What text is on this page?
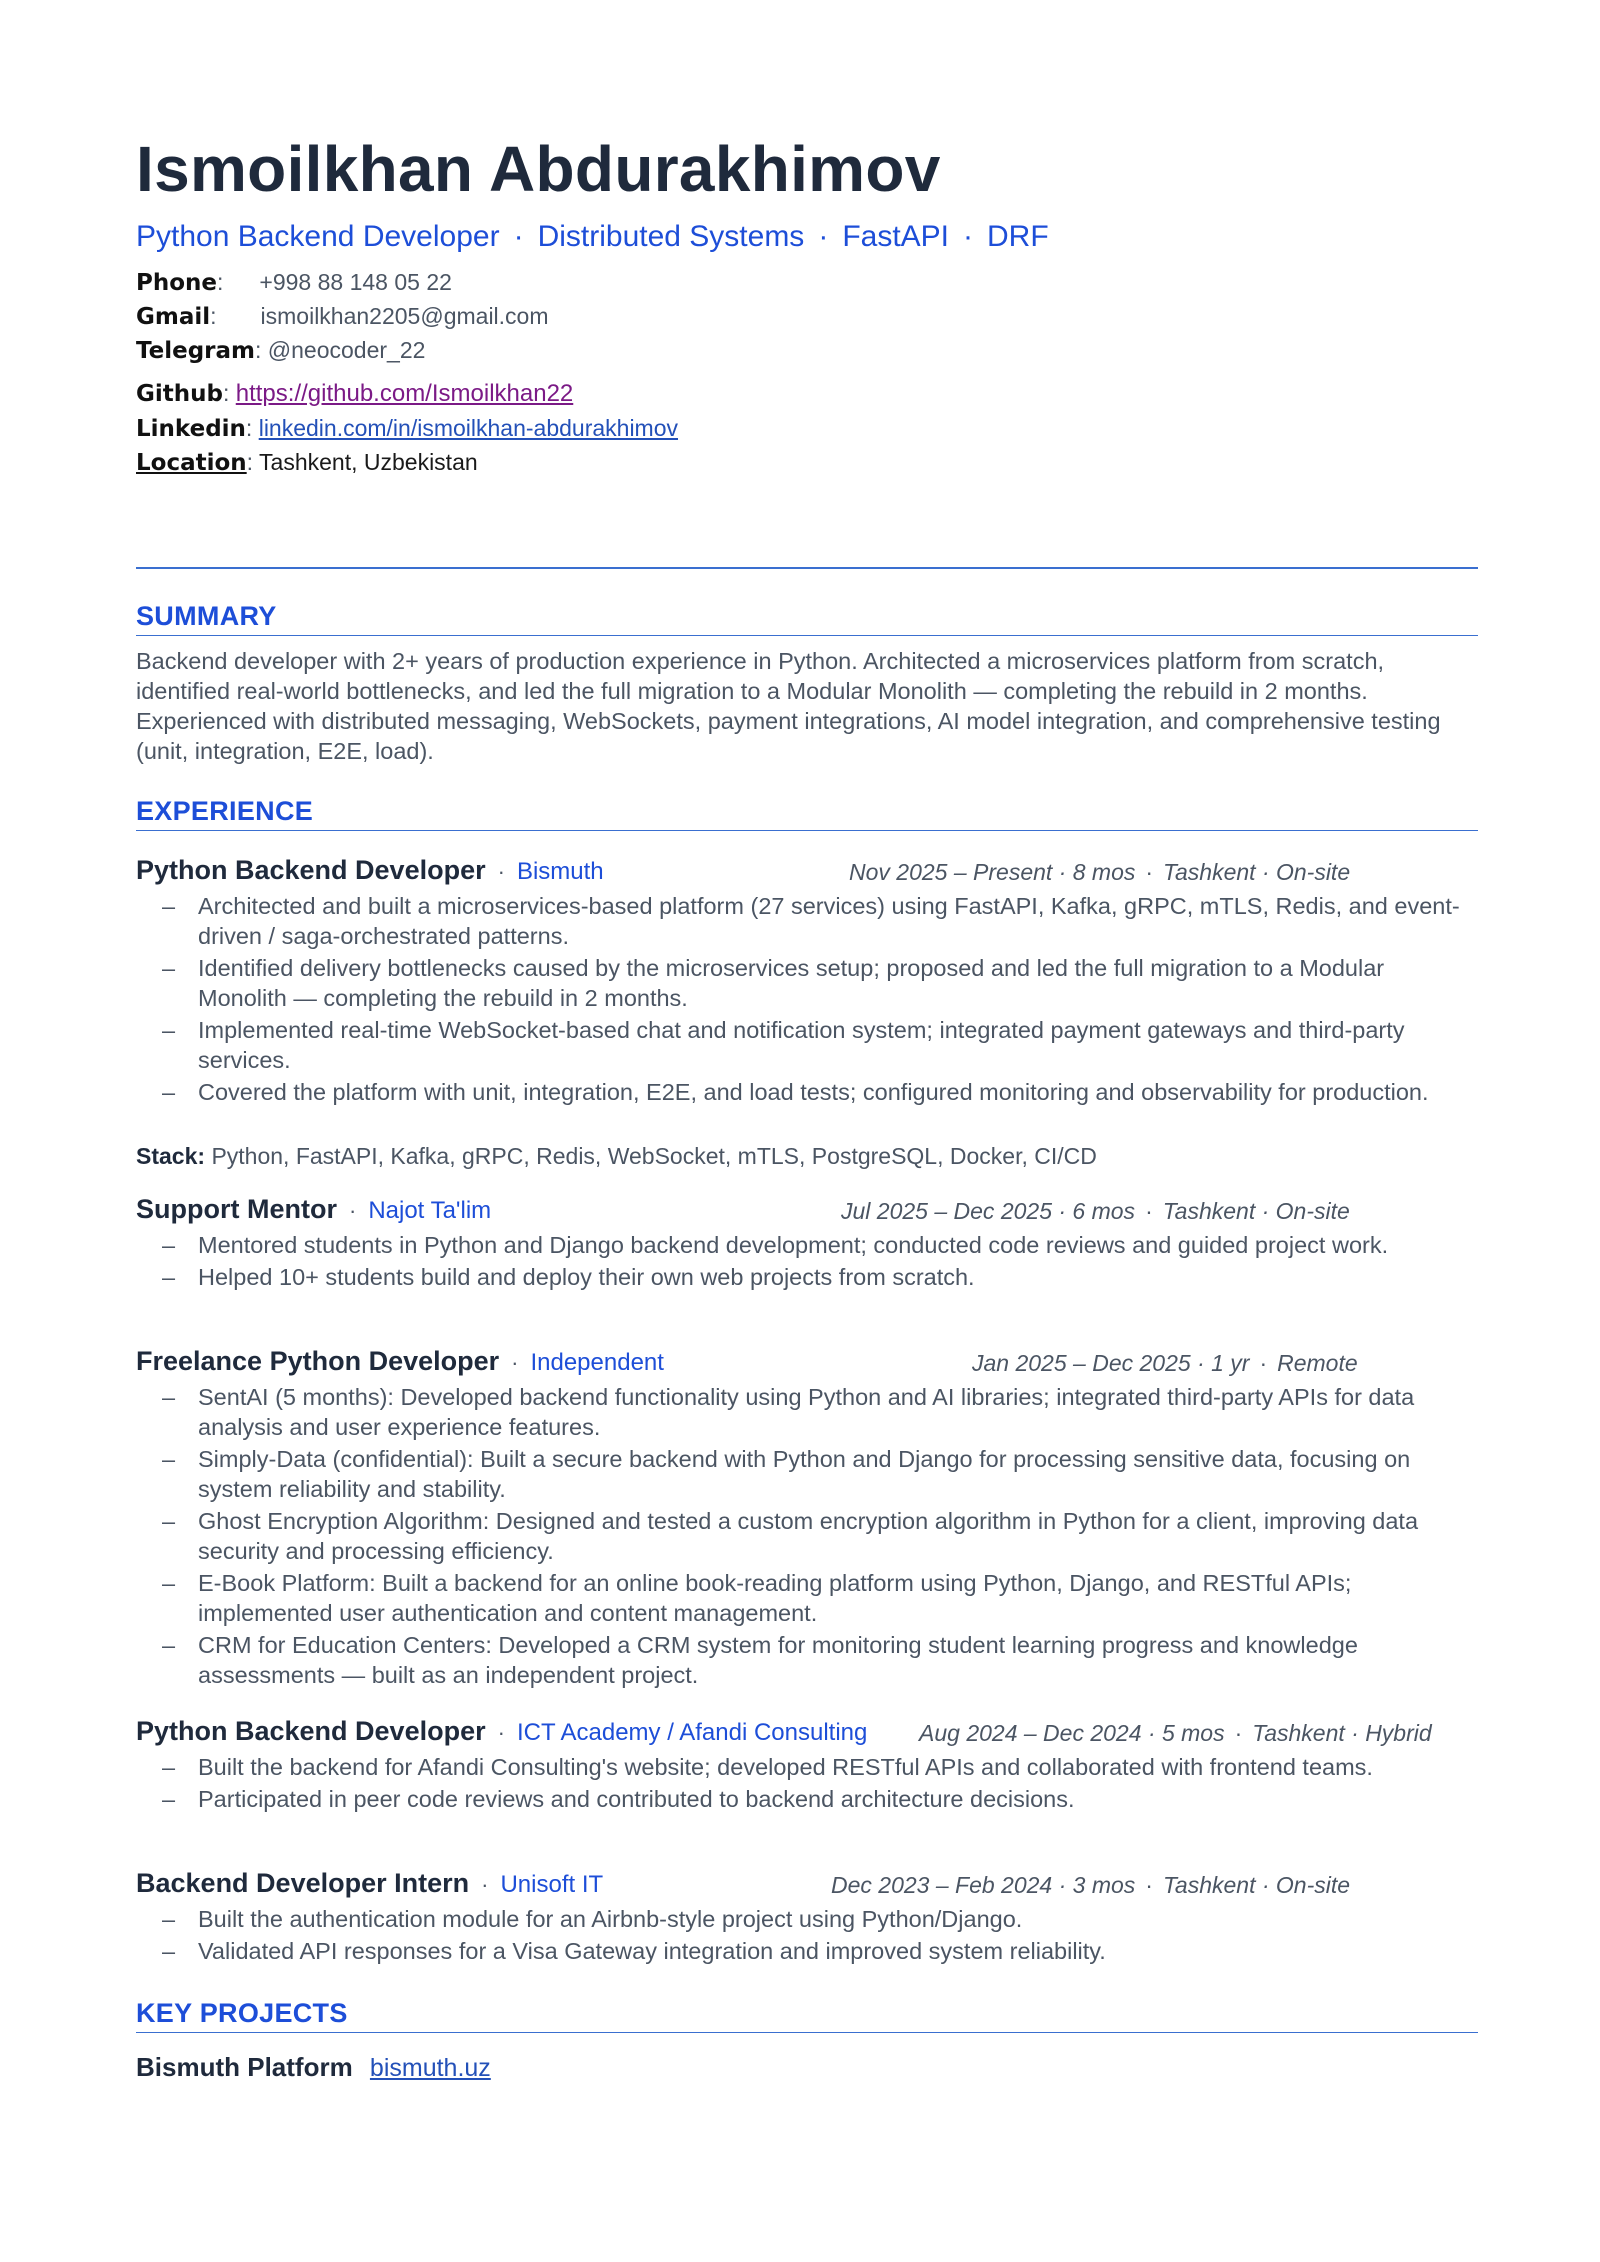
Ismoilkhan Abdurakhimov
Python Backend Developer · Distributed Systems · FastAPI · DRF
Phone: +998 88 148 05 22
Gmail: ismoilkhan2205@gmail.com
Telegram: @neocoder_22
Github: https://github.com/Ismoilkhan22
Linkedin: linkedin.com/in/ismoilkhan-abdurakhimov
Location: Tashkent, Uzbekistan
SUMMARY

Backend developer with 2+ years of production experience in Python. Architected a microservices platform from scratch, identified real-world bottlenecks, and led the full migration to a Modular Monolith — completing the rebuild in 2 months. Experienced with distributed messaging, WebSockets, payment integrations, AI model integration, and comprehensive testing (unit, integration, E2E, load).

EXPERIENCE
Python Backend Developer · Bismuth	Nov 2025 – Present · 8 mos · Tashkent · On-site
– Architected and built a microservices-based platform (27 services) using FastAPI, Kafka, gRPC, mTLS, Redis, and event-driven / saga-orchestrated patterns.
– Identified delivery bottlenecks caused by the microservices setup; proposed and led the full migration to a Modular Monolith — completing the rebuild in 2 months.
– Implemented real-time WebSocket-based chat and notification system; integrated payment gateways and third-party services.
– Covered the platform with unit, integration, E2E, and load tests; configured monitoring and observability for production.
Stack: Python, FastAPI, Kafka, gRPC, Redis, WebSocket, mTLS, PostgreSQL, Docker, CI/CD
Support Mentor · Najot Ta'lim	Jul 2025 – Dec 2025 · 6 mos · Tashkent · On-site
– Mentored students in Python and Django backend development; conducted code reviews and guided project work.
– Helped 10+ students build and deploy their own web projects from scratch.
Freelance Python Developer · Independent	Jan 2025 – Dec 2025 · 1 yr · Remote
– SentAI (5 months): Developed backend functionality using Python and AI libraries; integrated third-party APIs for data analysis and user experience features.
– Simply-Data (confidential): Built a secure backend with Python and Django for processing sensitive data, focusing on system reliability and stability.
– Ghost Encryption Algorithm: Designed and tested a custom encryption algorithm in Python for a client, improving data security and processing efficiency.
– E-Book Platform: Built a backend for an online book-reading platform using Python, Django, and RESTful APIs; implemented user authentication and content management.
– CRM for Education Centers: Developed a CRM system for monitoring student learning progress and knowledge assessments — built as an independent project.
Python Backend Developer · ICT Academy / Afandi Consulting Aug 2024 – Dec 2024 · 5 mos · Tashkent · Hybrid
– Built the backend for Afandi Consulting's website; developed RESTful APIs and collaborated with frontend teams.
– Participated in peer code reviews and contributed to backend architecture decisions.
Backend Developer Intern · Unisoft IT	Dec 2023 – Feb 2024 · 3 mos · Tashkent · On-site
– Built the authentication module for an Airbnb-style project using Python/Django.
– Validated API responses for a Visa Gateway integration and improved system reliability.
KEY PROJECTS
Bismuth Platform bismuth.uz
